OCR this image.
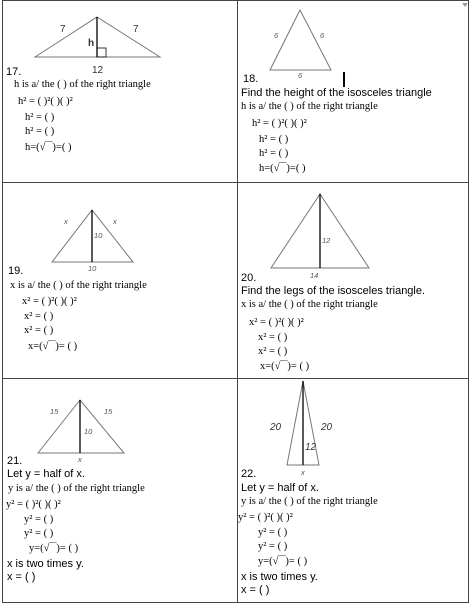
7	7
h
12
17.
h is a/ the ( ) of the right triangle
h² = ( )²( )( )²
h² = ( )
h² = ( )
h=(√‾‾)=( )
6	6
6
18.
Find the height of the isosceles triangle
h is a/ the ( ) of the right triangle
h² = ( )²( )( )²
h² = ( )
h² = ( )
h=(√‾‾)=( )
x	x
10
10
19.
x is a/ the ( ) of the right triangle
x² = ( )²( )( )²
x² = ( )
x² = ( )
x=(√‾‾)= ( )
12
14
20.
Find the legs of the isosceles triangle.
x is a/ the ( ) of the right triangle
x² = ( )²( )( )²
x² = ( )
x² = ( )
x=(√‾‾)= ( )
15	15
10
x
21.
Let y = half of x.
y is a/ the ( ) of the right triangle
y² = ( )²( )( )²
y² = ( )
y² = ( )
y=(√‾‾)= ( )
x is two times y.
x = ( )
20	20
12
x
22.
Let y = half of x.
y is a/ the ( ) of the right triangle
y² = ( )²( )( )²
y² = ( )
y² = ( )
y=(√‾‾)= ( )
x is two times y.
x = ( )
